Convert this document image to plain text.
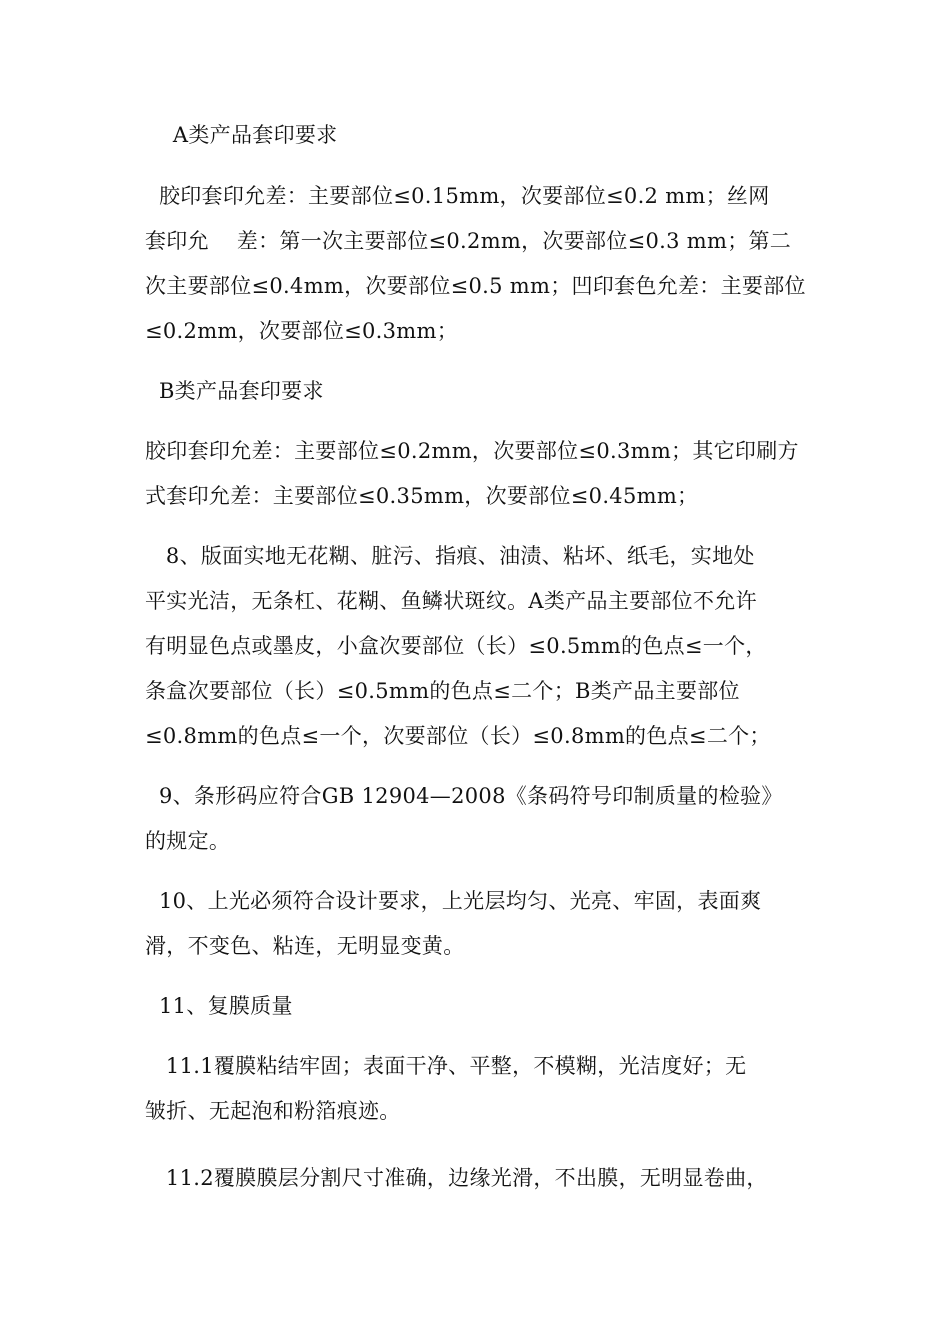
A类产品套印要求
胶印套印允差：主要部位≤0.15mm，次要部位≤0.2 mm；丝网
套印允    差：第一次主要部位≤0.2mm，次要部位≤0.3 mm；第二
次主要部位≤0.4mm，次要部位≤0.5 mm；凹印套色允差：主要部位
≤0.2mm，次要部位≤0.3mm；
B类产品套印要求
胶印套印允差：主要部位≤0.2mm，次要部位≤0.3mm；其它印刷方
式套印允差：主要部位≤0.35mm，次要部位≤0.45mm；
8、版面实地无花糊、脏污、指痕、油渍、粘坏、纸毛，实地处
平实光洁，无条杠、花糊、鱼鳞状斑纹。A类产品主要部位不允许
有明显色点或墨皮，小盒次要部位（长）≤0.5mm的色点≤一个，
条盒次要部位（长）≤0.5mm的色点≤二个；B类产品主要部位
≤0.8mm的色点≤一个，次要部位（长）≤0.8mm的色点≤二个；
9、条形码应符合GB 12904—2008《条码符号印制质量的检验》
的规定。
10、上光必须符合设计要求，上光层均匀、光亮、牢固，表面爽
滑，不变色、粘连，无明显变黄。
11、复膜质量
11.1覆膜粘结牢固；表面干净、平整，不模糊，光洁度好；无
皱折、无起泡和粉箔痕迹。
11.2覆膜膜层分割尺寸准确，边缘光滑，不出膜，无明显卷曲，
